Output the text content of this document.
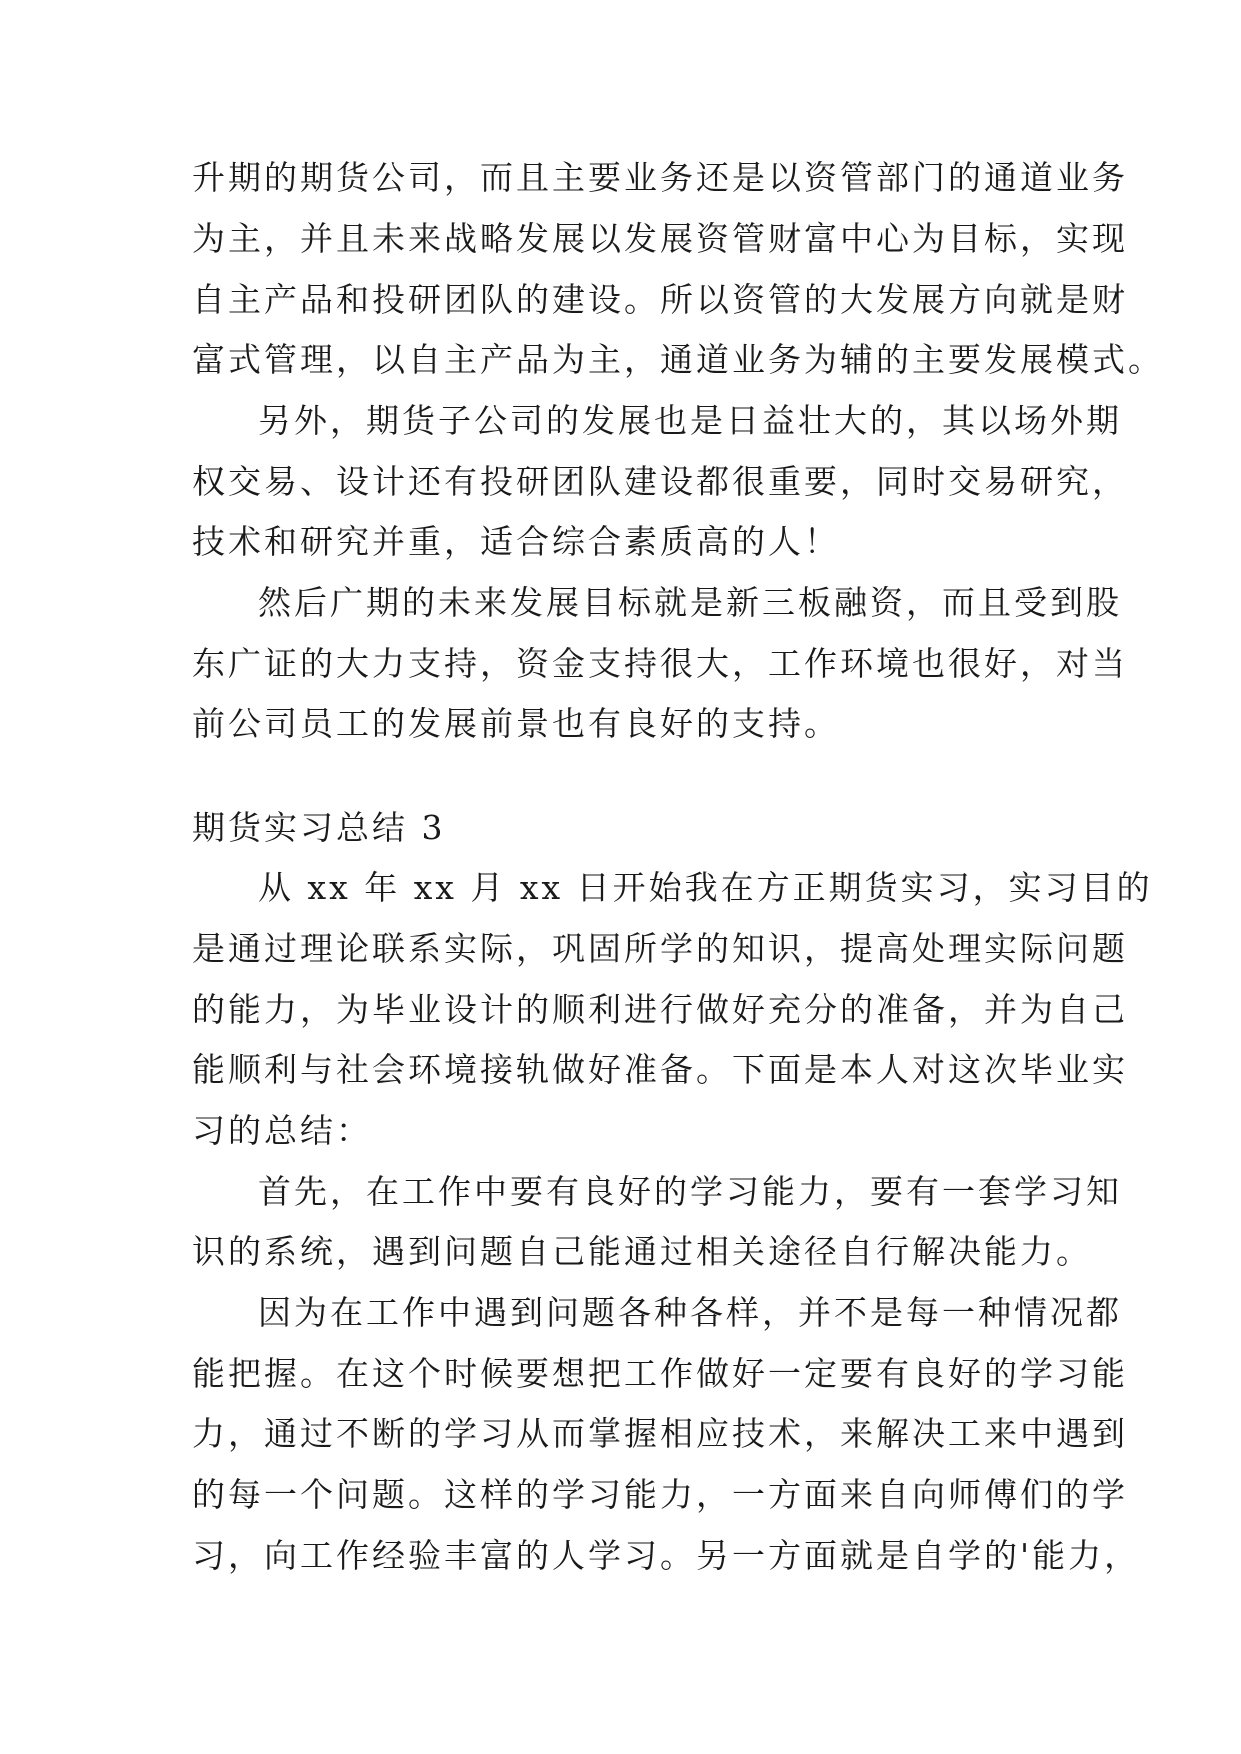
升期的期货公司，而且主要业务还是以资管部门的通道业务
为主，并且未来战略发展以发展资管财富中心为目标，实现
自主产品和投研团队的建设。所以资管的大发展方向就是财
富式管理，以自主产品为主，通道业务为辅的主要发展模式。
另外，期货子公司的发展也是日益壮大的，其以场外期
权交易、设计还有投研团队建设都很重要，同时交易研究，
技术和研究并重，适合综合素质高的人！
然后广期的未来发展目标就是新三板融资，而且受到股
东广证的大力支持，资金支持很大，工作环境也很好，对当
前公司员工的发展前景也有良好的支持。
期货实习总结 3
从 xx 年 xx 月 xx 日开始我在方正期货实习，实习目的
是通过理论联系实际，巩固所学的知识，提高处理实际问题
的能力，为毕业设计的顺利进行做好充分的准备，并为自己
能顺利与社会环境接轨做好准备。下面是本人对这次毕业实
习的总结：
首先，在工作中要有良好的学习能力，要有一套学习知
识的系统，遇到问题自己能通过相关途径自行解决能力。
因为在工作中遇到问题各种各样，并不是每一种情况都
能把握。在这个时候要想把工作做好一定要有良好的学习能
力，通过不断的学习从而掌握相应技术，来解决工来中遇到
的每一个问题。这样的学习能力，一方面来自向师傅们的学
习，向工作经验丰富的人学习。另一方面就是自学的'能力，
